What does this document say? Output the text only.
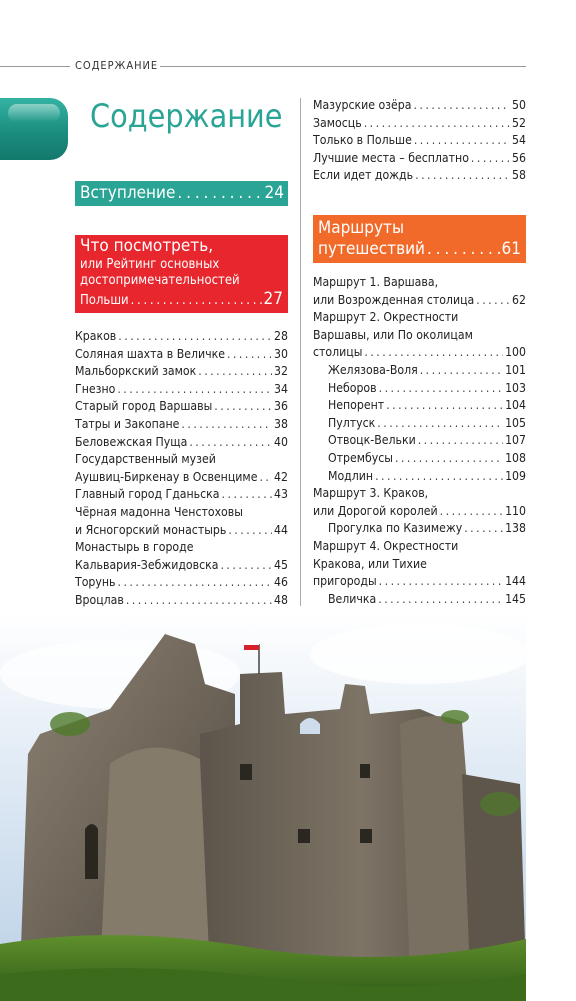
СОДЕРЖАНИЕ
Содержание
Вступление . . .	24
Что посмотреть,
или Рейтинг основных
достопримечательностей
Польши . . .	27
Краков . . .	28
Соляная шахта в Величке . . .	30
Мальборкский замок . . .	32
Гнезно . . .	34
Старый город Варшавы . . .	36
Татры и Закопане . . .	38
Беловежская Пуща . . .	40
Государственный музей
Аушвиц-Биркенау в Освенциме . . . 42
Главный город Гданьска . . .	43
Чёрная мадонна Ченстоховы
и Ясногорский монастырь . . .	44
Монастырь в городе
Кальвария-Зебжидовска . . .	45
Торунь . . .	46
Вроцлав . . .	48
Мазурские озёра . . .	50
Замосць . . .	52
Только в Польше . . .	54
Лучшие места – бесплатно . . .	56
Если идет дождь . . .	58
Маршруты
путешествий . . .	61
Маршрут 1. Варшава,
или Возрожденная столица . . .	62
Маршрут 2. Окрестности
Варшавы, или По околицам
столицы . . .	100
Желязова-Воля . . .	101
Неборов . . .	103
Непорент . . .	104
Пултуск . . .	105
Отвоцк-Вельки . . .	107
Отрембусы . . .	108
Модлин . . .	109
Маршрут 3. Краков,
или Дорогой королей . . .	110
Прогулка по Казимежу . . .	138
Маршрут 4. Окрестности
Кракова, или Тихие
пригороды . . .	144
Величка . . .	145
